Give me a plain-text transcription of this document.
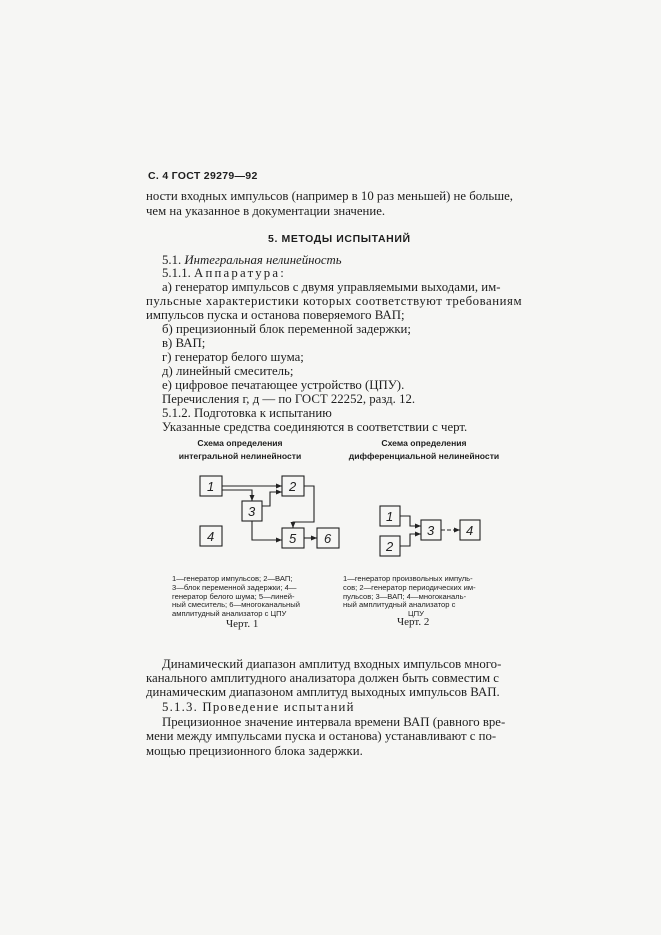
С. 4 ГОСТ 29279—92
ности входных импульсов (например в 10 раз меньшей) не больше,
чем на указанное в документации значение.
5. МЕТОДЫ ИСПЫТАНИЙ
5.1. Интегральная нелинейность
5.1.1. Аппаратура:
а) генератор импульсов с двумя управляемыми выходами, им-
пульсные характеристики которых соответствуют требованиям
импульсов пуска и останова поверяемого ВАП;
б) прецизионный блок переменной задержки;
в) ВАП;
г) генератор белого шума;
д) линейный смеситель;
е) цифровое печатающее устройство (ЦПУ).
Перечисления г, д — по ГОСТ 22252, разд. 12.
5.1.2. Подготовка к испытанию
Указанные средства соединяются в соответствии с черт.
Схема определения
интегральной нелинейности
Схема определения
дифференциальной нелинейности
1	2
3
4	5 6
1
2
3 4
1—генератор импульсов; 2—ВАП;
3—блок переменной задержки; 4—
генератор белого шума; 5—линей-
ный смеситель; 6—многоканальный
амплитудный анализатор с ЦПУ
Черт. 1
1—генератор произвольных импуль-
сов; 2—генератор периодических им-
пульсов; 3—ВАП; 4—многоканаль-
ный амплитудный анализатор с
ЦПУ
Черт. 2
Динамический диапазон амплитуд входных импульсов много-
канального амплитудного анализатора должен быть совместим с
динамическим диапазоном амплитуд выходных импульсов ВАП.
5.1.3. Проведение испытаний
Прецизионное значение интервала времени ВАП (равного вре-
мени между импульсами пуска и останова) устанавливают с по-
мощью прецизионного блока задержки.
